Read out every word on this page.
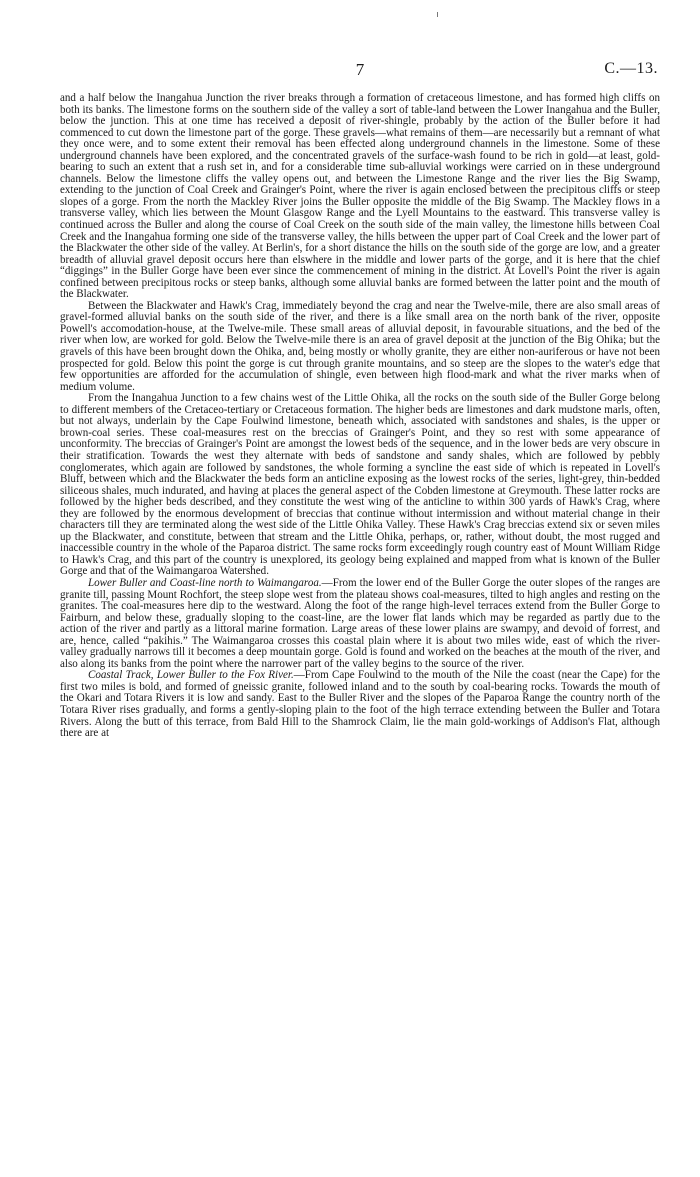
7	C.—13.

and a half below the Inangahua Junction the river breaks through a formation of cretaceous limestone, and has formed high cliffs on both its banks. The limestone forms on the southern side of the valley a sort of table-land between the Lower Inangahua and the Buller, below the junction. This at one time has received a deposit of river-shingle, probably by the action of the Buller before it had commenced to cut down the limestone part of the gorge. These gravels—what remains of them—are necessarily but a remnant of what they once were, and to some extent their removal has been effected along underground channels in the limestone. Some of these underground channels have been explored, and the concentrated gravels of the surface-wash found to be rich in gold—at least, gold-bearing to such an extent that a rush set in, and for a considerable time sub-alluvial workings were carried on in these underground channels. Below the limestone cliffs the valley opens out, and between the Limestone Range and the river lies the Big Swamp, extending to the junction of Coal Creek and Grainger's Point, where the river is again enclosed between the precipitous cliffs or steep slopes of a gorge. From the north the Mackley River joins the Buller opposite the middle of the Big Swamp. The Mackley flows in a transverse valley, which lies between the Mount Glasgow Range and the Lyell Mountains to the eastward. This transverse valley is continued across the Buller and along the course of Coal Creek on the south side of the main valley, the limestone hills between Coal Creek and the Inangahua forming one side of the transverse valley, the hills between the upper part of Coal Creek and the lower part of the Blackwater the other side of the valley. At Berlin's, for a short distance the hills on the south side of the gorge are low, and a greater breadth of alluvial gravel deposit occurs here than elswhere in the middle and lower parts of the gorge, and it is here that the chief “diggings” in the Buller Gorge have been ever since the commencement of mining in the district. At Lovell's Point the river is again confined between precipitous rocks or steep banks, although some alluvial banks are formed between the latter point and the mouth of the Blackwater.

Between the Blackwater and Hawk's Crag, immediately beyond the crag and near the Twelve-mile, there are also small areas of gravel-formed alluvial banks on the south side of the river, and there is a like small area on the north bank of the river, opposite Powell's accomodation-house, at the Twelve-mile. These small areas of alluvial deposit, in favourable situations, and the bed of the river when low, are worked for gold. Below the Twelve-mile there is an area of gravel deposit at the junction of the Big Ohika; but the gravels of this have been brought down the Ohika, and, being mostly or wholly granite, they are either non-auriferous or have not been prospected for gold. Below this point the gorge is cut through granite mountains, and so steep are the slopes to the water's edge that few opportunities are afforded for the accumulation of shingle, even between high flood-mark and what the river marks when of medium volume.

From the Inangahua Junction to a few chains west of the Little Ohika, all the rocks on the south side of the Buller Gorge belong to different members of the Cretaceo-tertiary or Cretaceous formation. The higher beds are limestones and dark mudstone marls, often, but not always, underlain by the Cape Foulwind limestone, beneath which, associated with sandstones and shales, is the upper or brown-coal series. These coal-measures rest on the breccias of Grainger's Point, and they so rest with some appearance of unconformity. The breccias of Grainger's Point are amongst the lowest beds of the sequence, and in the lower beds are very obscure in their stratification. Towards the west they alternate with beds of sandstone and sandy shales, which are followed by pebbly conglomerates, which again are followed by sandstones, the whole forming a syncline the east side of which is repeated in Lovell's Bluff, between which and the Blackwater the beds form an anticline exposing as the lowest rocks of the series, light-grey, thin-bedded siliceous shales, much indurated, and having at places the general aspect of the Cobden limestone at Greymouth. These latter rocks are followed by the higher beds described, and they constitute the west wing of the anticline to within 300 yards of Hawk's Crag, where they are followed by the enormous development of breccias that continue without intermission and without material change in their characters till they are terminated along the west side of the Little Ohika Valley. These Hawk's Crag breccias extend six or seven miles up the Blackwater, and constitute, between that stream and the Little Ohika, perhaps, or, rather, without doubt, the most rugged and inaccessible country in the whole of the Paparoa district. The same rocks form exceedingly rough country east of Mount William Ridge to Hawk's Crag, and this part of the country is unexplored, its geology being explained and mapped from what is known of the Buller Gorge and that of the Waimangaroa Watershed.

Lower Buller and Coast-line north to Waimangaroa.—From the lower end of the Buller Gorge the outer slopes of the ranges are granite till, passing Mount Rochfort, the steep slope west from the plateau shows coal-measures, tilted to high angles and resting on the granites. The coal-measures here dip to the westward. Along the foot of the range high-level terraces extend from the Buller Gorge to Fairburn, and below these, gradually sloping to the coast-line, are the lower flat lands which may be regarded as partly due to the action of the river and partly as a littoral marine formation. Large areas of these lower plains are swampy, and devoid of forrest, and are, hence, called “pakihis.” The Waimangaroa crosses this coastal plain where it is about two miles wide, east of which the river-valley gradually narrows till it becomes a deep mountain gorge. Gold is found and worked on the beaches at the mouth of the river, and also along its banks from the point where the narrower part of the valley begins to the source of the river.

Coastal Track, Lower Buller to the Fox River.—From Cape Foulwind to the mouth of the Nile the coast (near the Cape) for the first two miles is bold, and formed of gneissic granite, followed inland and to the south by coal-bearing rocks. Towards the mouth of the Okari and Totara Rivers it is low and sandy. East to the Buller River and the slopes of the Paparoa Range the country north of the Totara River rises gradually, and forms a gently-sloping plain to the foot of the high terrace extending between the Buller and Totara Rivers. Along the butt of this terrace, from Bald Hill to the Shamrock Claim, lie the main gold-workings of Addison's Flat, although there are at
